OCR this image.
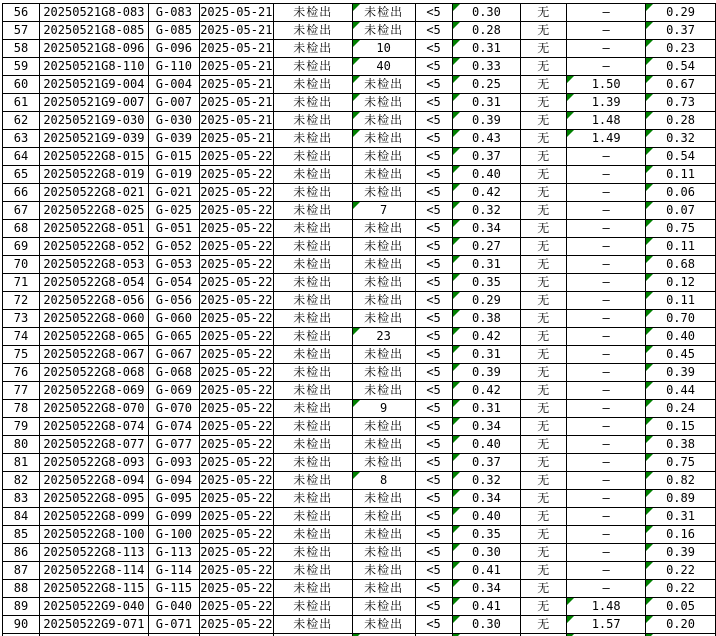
56	20250521G8-083	G-083	2025-05-21	未检出	未检出	<5	0.30	无	–	0.29
57	20250521G8-085	G-085	2025-05-21	未检出	未检出	<5	0.28	无	–	0.37
58	20250521G8-096	G-096	2025-05-21	未检出	10	<5	0.31	无	–	0.23
59	20250521G8-110	G-110	2025-05-21	未检出	40	<5	0.33	无	–	0.54
60	20250521G9-004	G-004	2025-05-21	未检出	未检出	<5	0.25	无	1.50	0.67
61	20250521G9-007	G-007	2025-05-21	未检出	未检出	<5	0.31	无	1.39	0.73
62	20250521G9-030	G-030	2025-05-21	未检出	未检出	<5	0.39	无	1.48	0.28
63	20250521G9-039	G-039	2025-05-21	未检出	未检出	<5	0.43	无	1.49	0.32
64	20250522G8-015	G-015	2025-05-22	未检出	未检出	<5	0.37	无	–	0.54
65	20250522G8-019	G-019	2025-05-22	未检出	未检出	<5	0.40	无	–	0.11
66	20250522G8-021	G-021	2025-05-22	未检出	未检出	<5	0.42	无	–	0.06
67	20250522G8-025	G-025	2025-05-22	未检出	7	<5	0.32	无	–	0.07
68	20250522G8-051	G-051	2025-05-22	未检出	未检出	<5	0.34	无	–	0.75
69	20250522G8-052	G-052	2025-05-22	未检出	未检出	<5	0.27	无	–	0.11
70	20250522G8-053	G-053	2025-05-22	未检出	未检出	<5	0.31	无	–	0.68
71	20250522G8-054	G-054	2025-05-22	未检出	未检出	<5	0.35	无	–	0.12
72	20250522G8-056	G-056	2025-05-22	未检出	未检出	<5	0.29	无	–	0.11
73	20250522G8-060	G-060	2025-05-22	未检出	未检出	<5	0.38	无	–	0.70
74	20250522G8-065	G-065	2025-05-22	未检出	23	<5	0.42	无	–	0.40
75	20250522G8-067	G-067	2025-05-22	未检出	未检出	<5	0.31	无	–	0.45
76	20250522G8-068	G-068	2025-05-22	未检出	未检出	<5	0.39	无	–	0.39
77	20250522G8-069	G-069	2025-05-22	未检出	未检出	<5	0.42	无	–	0.44
78	20250522G8-070	G-070	2025-05-22	未检出	9	<5	0.31	无	–	0.24
79	20250522G8-074	G-074	2025-05-22	未检出	未检出	<5	0.34	无	–	0.15
80	20250522G8-077	G-077	2025-05-22	未检出	未检出	<5	0.40	无	–	0.38
81	20250522G8-093	G-093	2025-05-22	未检出	未检出	<5	0.37	无	–	0.75
82	20250522G8-094	G-094	2025-05-22	未检出	8	<5	0.32	无	–	0.82
83	20250522G8-095	G-095	2025-05-22	未检出	未检出	<5	0.34	无	–	0.89
84	20250522G8-099	G-099	2025-05-22	未检出	未检出	<5	0.40	无	–	0.31
85	20250522G8-100	G-100	2025-05-22	未检出	未检出	<5	0.35	无	–	0.16
86	20250522G8-113	G-113	2025-05-22	未检出	未检出	<5	0.30	无	–	0.39
87	20250522G8-114	G-114	2025-05-22	未检出	未检出	<5	0.41	无	–	0.22
88	20250522G8-115	G-115	2025-05-22	未检出	未检出	<5	0.34	无	–	0.22
89	20250522G9-040	G-040	2025-05-22	未检出	未检出	<5	0.41	无	1.48	0.05
90	20250522G9-071	G-071	2025-05-22	未检出	未检出	<5	0.30	无	1.57	0.20
